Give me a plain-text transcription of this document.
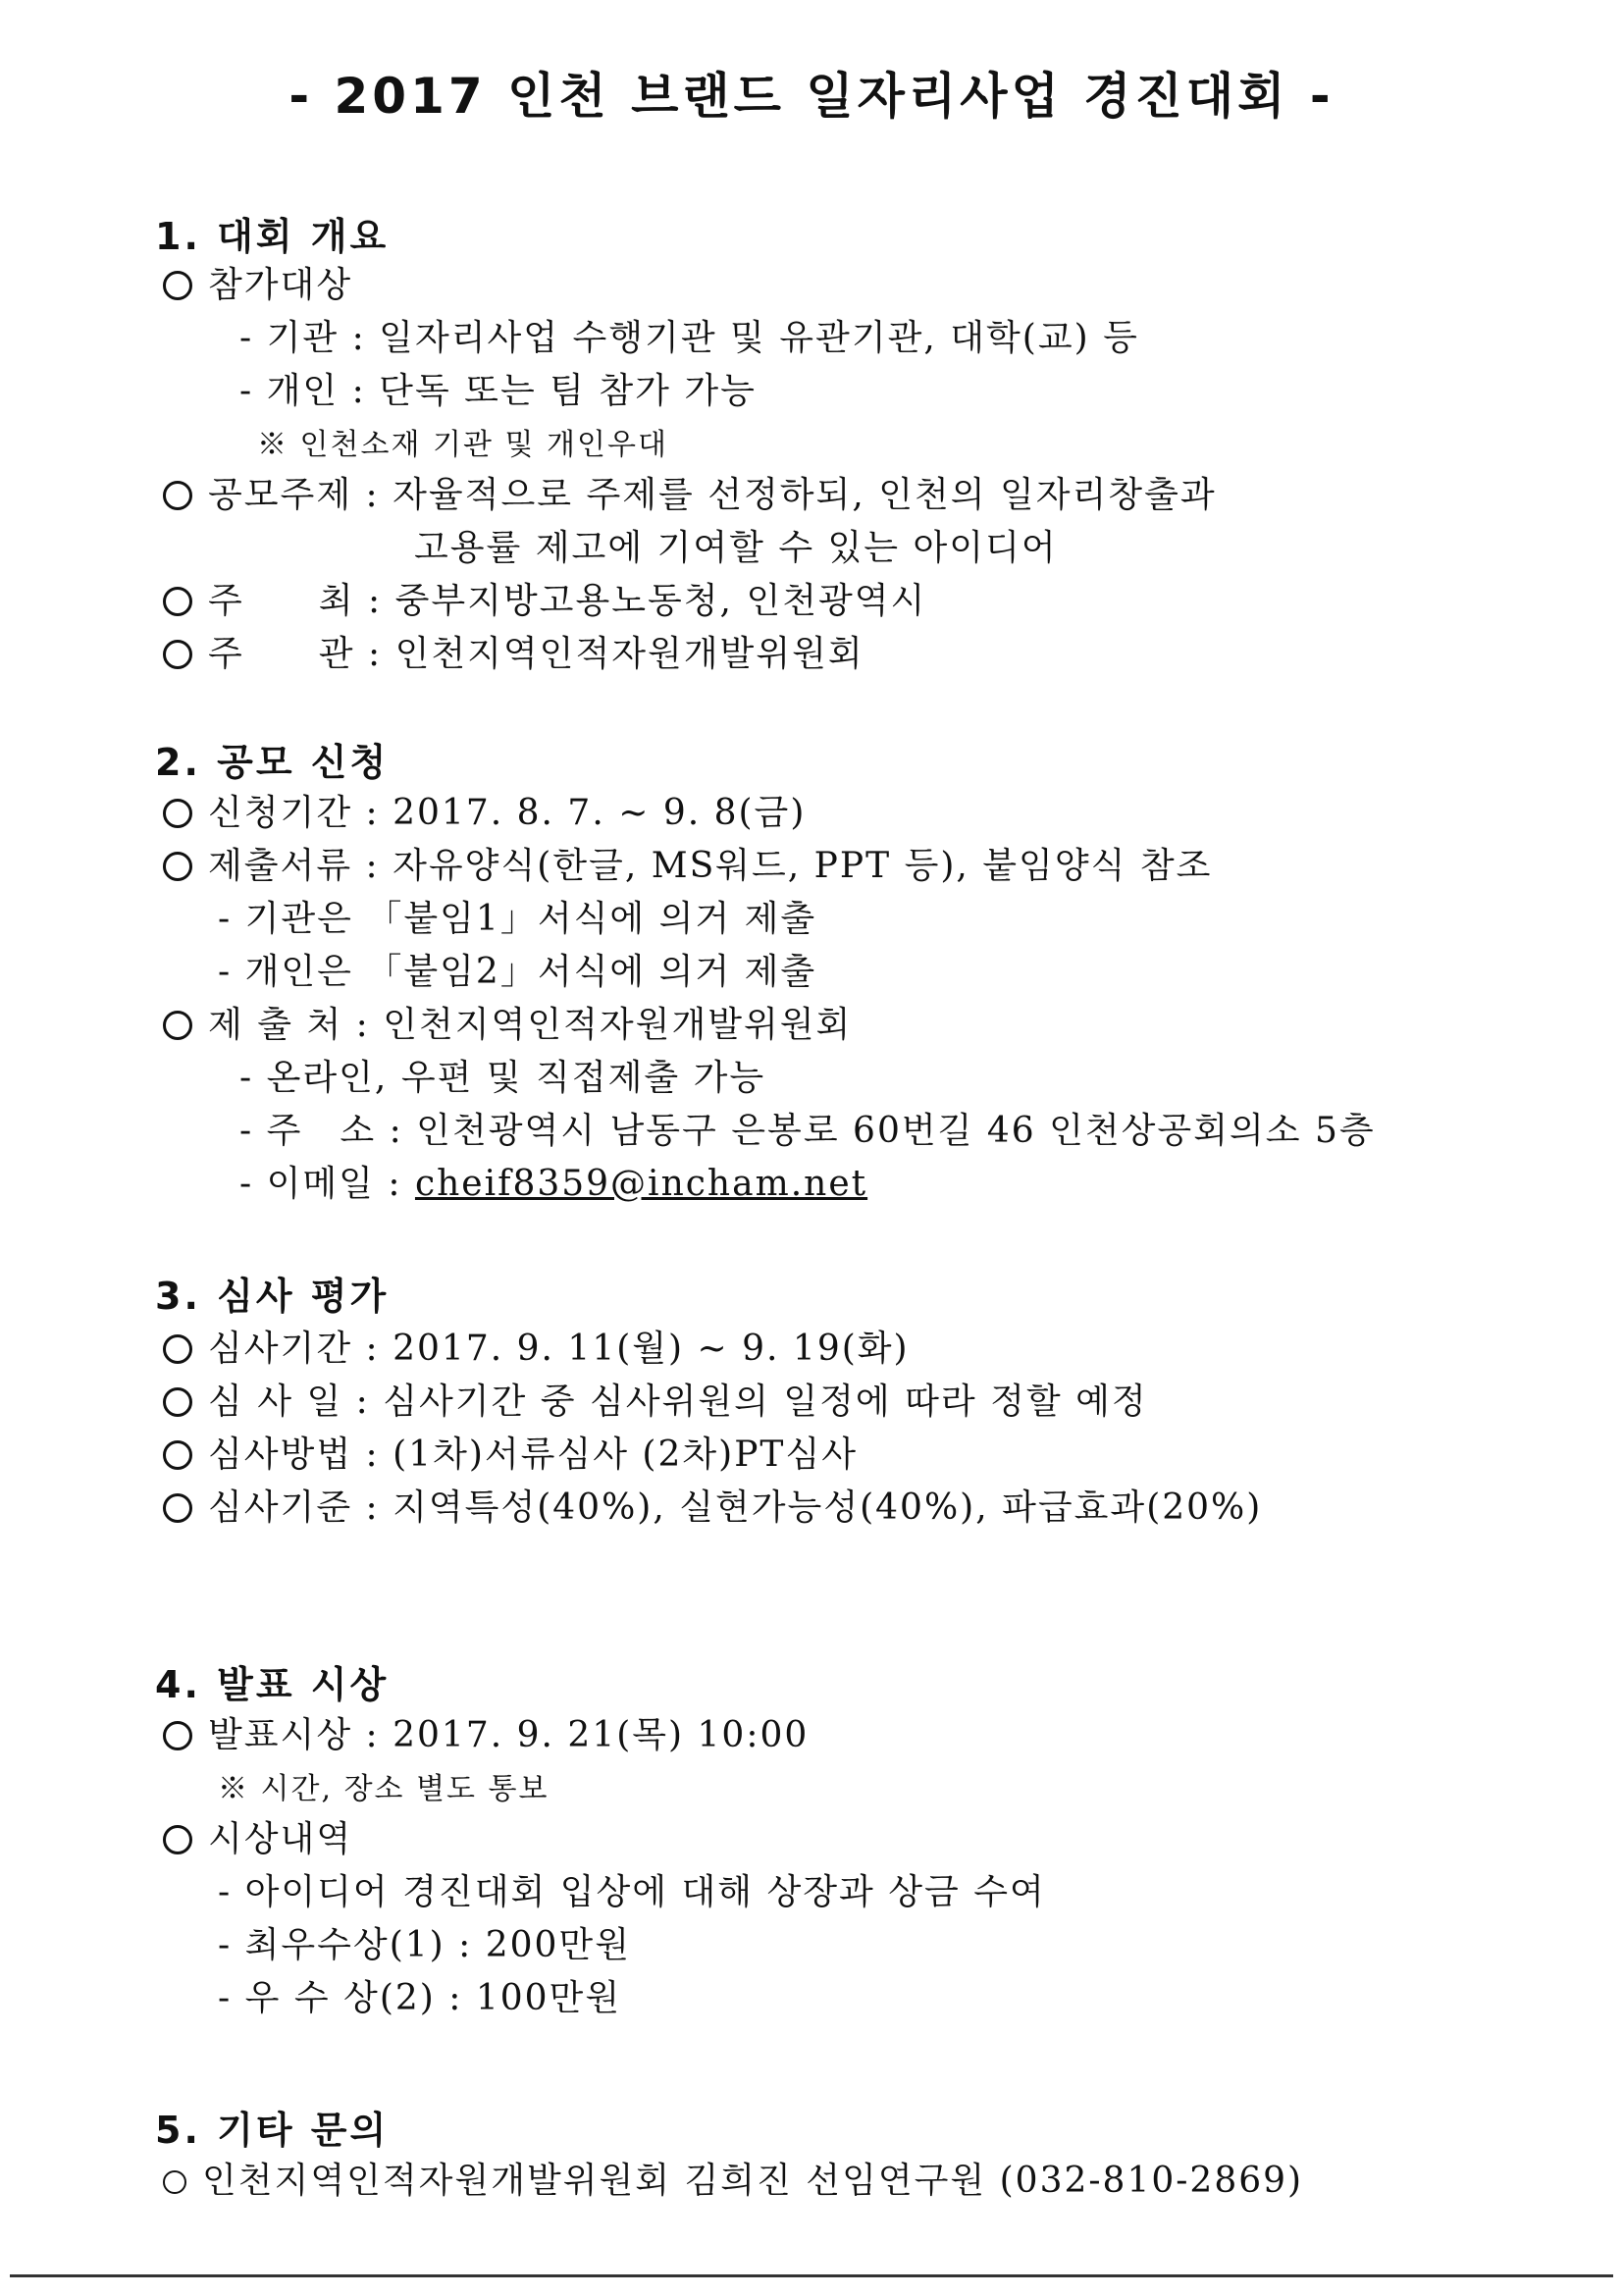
- 2017 인천 브랜드 일자리사업 경진대회 -
1. 대회 개요
참가대상
- 기관 : 일자리사업 수행기관 및 유관기관, 대학(교) 등
- 개인 : 단독 또는 팀 참가 가능
※ 인천소재 기관 및 개인우대
공모주제 : 자율적으로 주제를 선정하되, 인천의 일자리창출과
고용률 제고에 기여할 수 있는 아이디어
주　　최 : 중부지방고용노동청, 인천광역시
주　　관 : 인천지역인적자원개발위원회
2. 공모 신청
신청기간 : 2017. 8. 7. ~ 9. 8(금)
제출서류 : 자유양식(한글, MS워드, PPT 등), 붙임양식 참조
- 기관은 「붙임1」서식에 의거 제출
- 개인은 「붙임2」서식에 의거 제출
제 출 처 : 인천지역인적자원개발위원회
- 온라인, 우편 및 직접제출 가능
- 주　소 : 인천광역시 남동구 은봉로 60번길 46 인천상공회의소 5층
- 이메일 : cheif8359@incham.net
3. 심사 평가
심사기간 : 2017. 9. 11(월) ~ 9. 19(화)
심 사 일 : 심사기간 중 심사위원의 일정에 따라 정할 예정
심사방법 : (1차)서류심사 (2차)PT심사
심사기준 : 지역특성(40%), 실현가능성(40%), 파급효과(20%)
4. 발표 시상
발표시상 : 2017. 9. 21(목) 10:00
※ 시간, 장소 별도 통보
시상내역
- 아이디어 경진대회 입상에 대해 상장과 상금 수여
- 최우수상(1) : 200만원
- 우 수 상(2) : 100만원
5. 기타 문의
인천지역인적자원개발위원회 김희진 선임연구원 (032-810-2869)
